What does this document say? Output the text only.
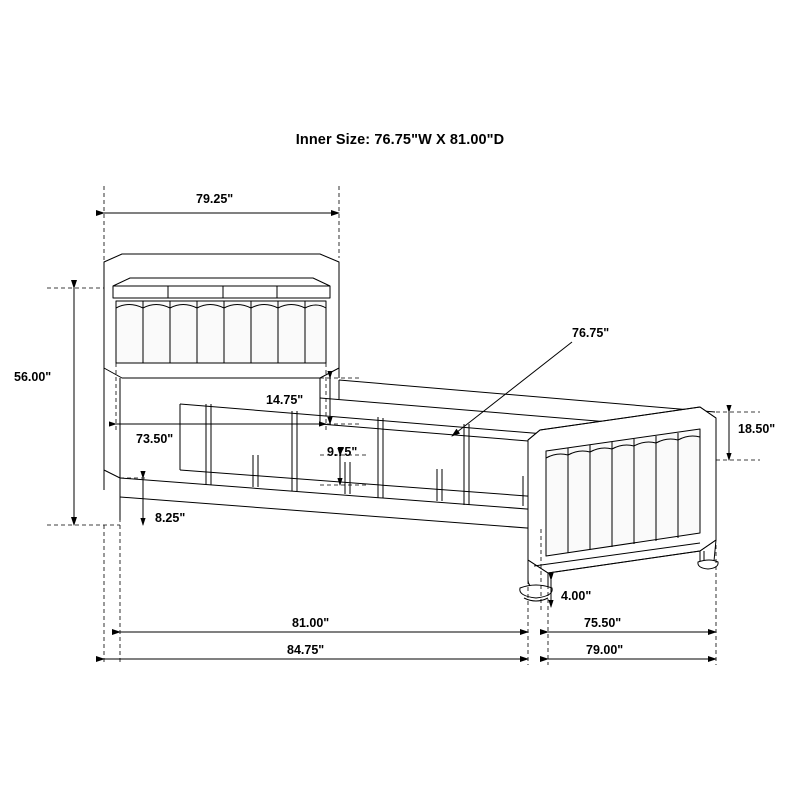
Inner Size: 76.75"W X 81.00"D
79.25"
76.75"
56.00"
73.50"
14.75"
9.75"
18.50"
8.25"
4.00"
81.00"	75.50"
84.75"	79.00"
